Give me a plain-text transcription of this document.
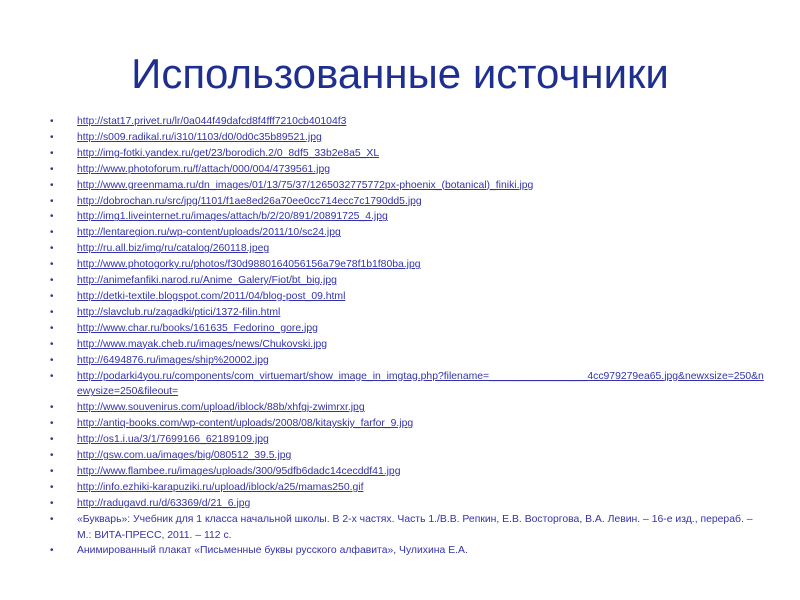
Использованные источники
• http://stat17.privet.ru/lr/0a044f49dafcd8f4fff7210cb40104f3
• http://s009.radikal.ru/i310/1103/d0/0d0c35b89521.jpg
• http://img-fotki.yandex.ru/get/23/borodich.2/0_8df5_33b2e8a5_XL
• http://www.photoforum.ru/f/attach/000/004/4739561.jpg
• http://www.greenmama.ru/dn_images/01/13/75/37/1265032775772px-phoenix_(botanical)_finiki.jpg
• http://dobrochan.ru/src/jpg/1101/f1ae8ed26a70ee0cc714ecc7c1790dd5.jpg
• http://img1.liveinternet.ru/images/attach/b/2/20/891/20891725_4.jpg
• http://lentaregion.ru/wp-content/uploads/2011/10/sc24.jpg
• http://ru.all.biz/img/ru/catalog/260118.jpeg
• http://www.photogorky.ru/photos/f30d9880164056156a79e78f1b1f80ba.jpg
• http://animefanfiki.narod.ru/Anime_Galery/Fiot/bt_big.jpg
• http://detki-textile.blogspot.com/2011/04/blog-post_09.html
• http://slavclub.ru/zagadki/ptici/1372-filin.html
• http://www.char.ru/books/161635_Fedorino_gore.jpg
• http://www.mayak.cheb.ru/images/news/Chukovski.jpg
• http://6494876.ru/images/ship%20002.jpg
• http://podarki4you.ru/components/com_virtuemart/show_image_in_imgtag.php?filename=_________________4cc979279ea65.jpg&newxsize=250&newysize=250&fileout=
• http://www.souvenirus.com/upload/iblock/88b/xhfgj-zwimrxr.jpg
• http://antiq-books.com/wp-content/uploads/2008/08/kitayskiy_farfor_9.jpg
• http://os1.i.ua/3/1/7699166_62189109.jpg
• http://gsw.com.ua/images/big/080512_39.5.jpg
• http://www.flambee.ru/images/uploads/300/95dfb6dadc14cecddf41.jpg
• http://info.ezhiki-karapuziki.ru/upload/iblock/a25/mamas250.gif
• http://radugavd.ru/d/63369/d/21_6.jpg
• «Букварь»: Учебник для 1 класса начальной школы. В 2-х частях. Часть 1./В.В. Репкин, Е.В. Восторгова, В.А. Левин. – 16-е изд., перераб. – М.: ВИТА-ПРЕСС, 2011. – 112 с.
• Анимированный плакат «Письменные буквы русского алфавита», Чулихина Е.А.
